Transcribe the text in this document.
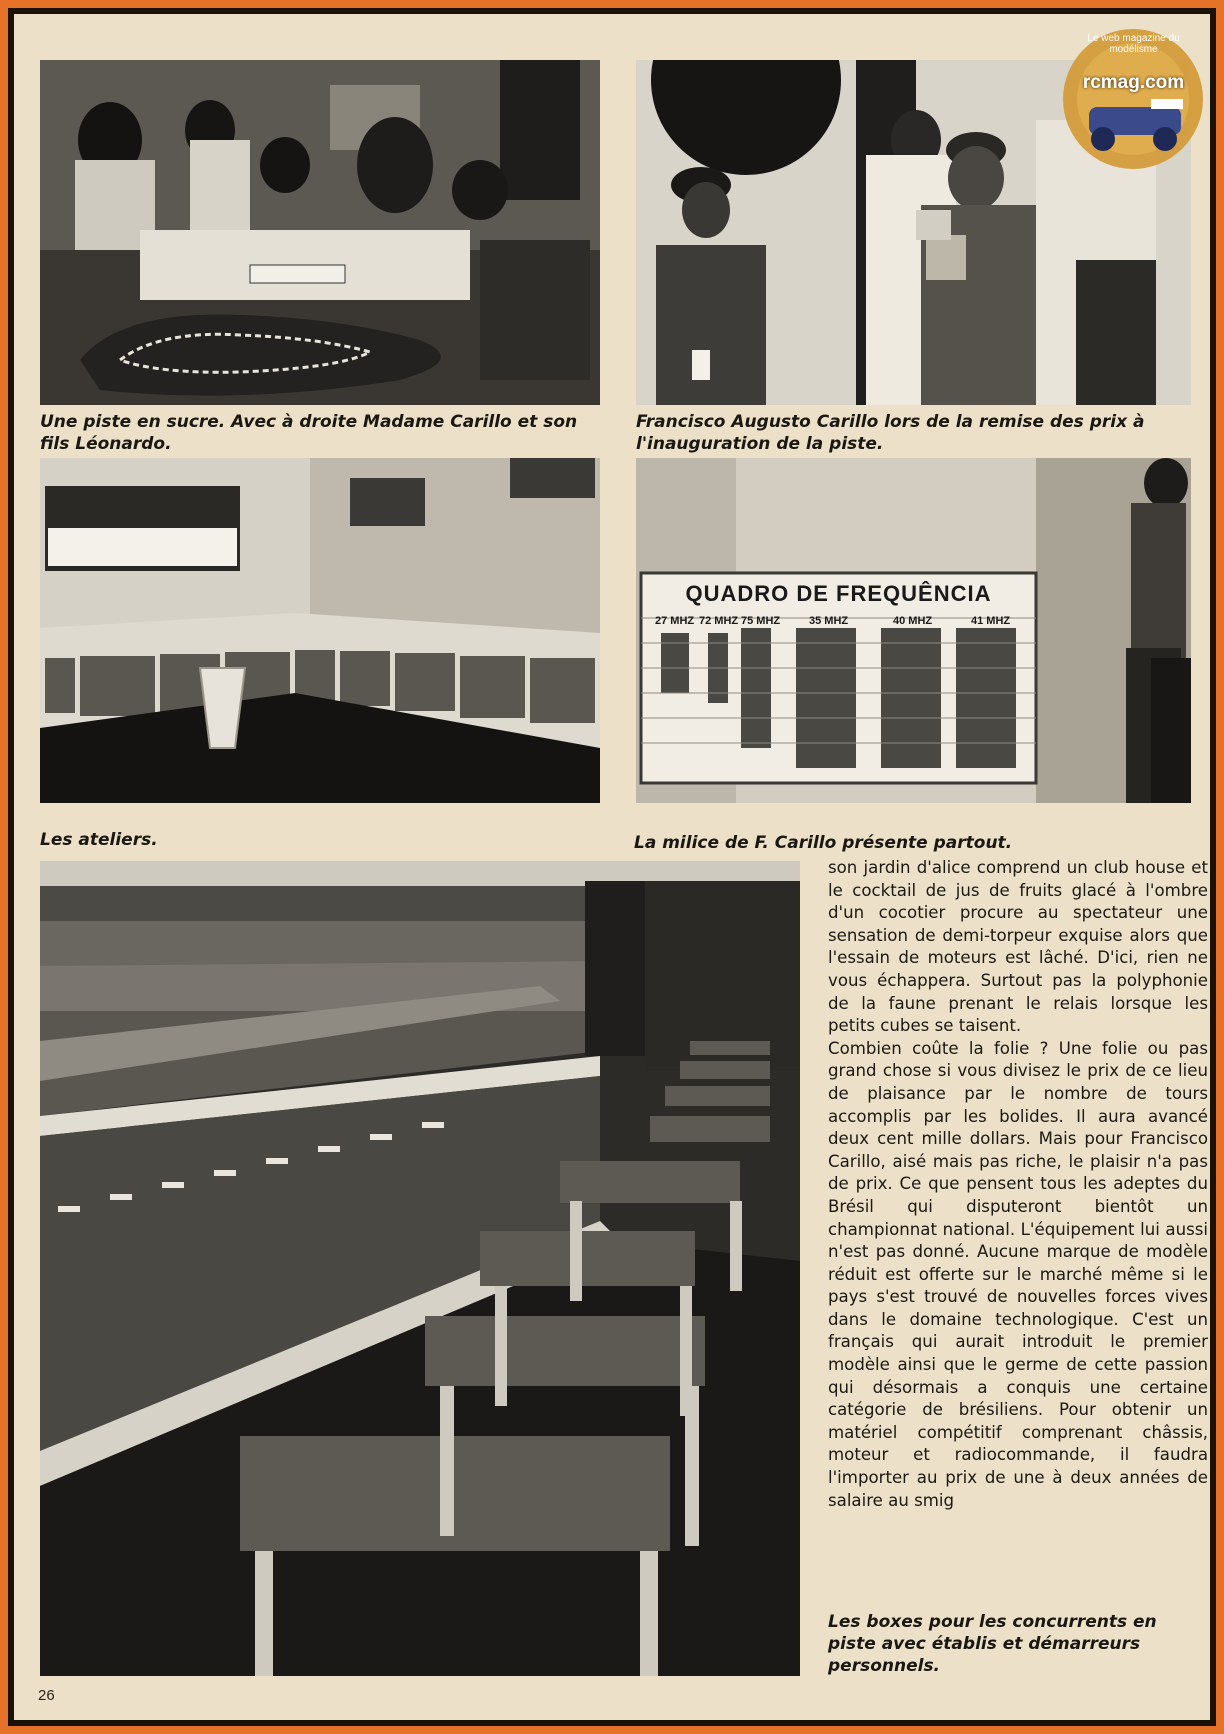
Une piste en sucre. Avec à droite Madame Carillo et son fils Léonardo.
Le web magazine du modélisme
rcmag.com
Francisco Augusto Carillo lors de la remise des prix à l'inauguration de la piste.
Les ateliers.
QUADRO DE FREQUÊNCIA
27 MHZ 72 MHZ 75 MHZ	35 MHZ	40 MHZ	41 MHZ
La milice de F. Carillo présente partout.

son jardin d'alice comprend un club house et le cocktail de jus de fruits glacé à l'ombre d'un cocotier procure au spectateur une sensation de demi-torpeur exquise alors que l'essain de moteurs est lâché. D'ici, rien ne vous échappera. Surtout pas la polyphonie de la faune prenant le relais lorsque les petits cubes se taisent.

Combien coûte la folie ? Une folie ou pas grand chose si vous divisez le prix de ce lieu de plaisance par le nombre de tours accomplis par les bolides. Il aura avancé deux cent mille dollars. Mais pour Francisco Carillo, aisé mais pas riche, le plaisir n'a pas de prix. Ce que pensent tous les adeptes du Brésil qui disputeront bientôt un championnat national. L'équipement lui aussi n'est pas donné. Aucune marque de modèle réduit est offerte sur le marché même si le pays s'est trouvé de nouvelles forces vives dans le domaine technologique. C'est un français qui aurait introduit le premier modèle ainsi que le germe de cette passion qui désormais a conquis une certaine catégorie de brésiliens. Pour obtenir un matériel compétitif comprenant châssis, moteur et radiocommande, il faudra l'importer au prix de une à deux années de salaire au smig

Les boxes pour les concurrents en piste avec établis et démarreurs personnels.
26
